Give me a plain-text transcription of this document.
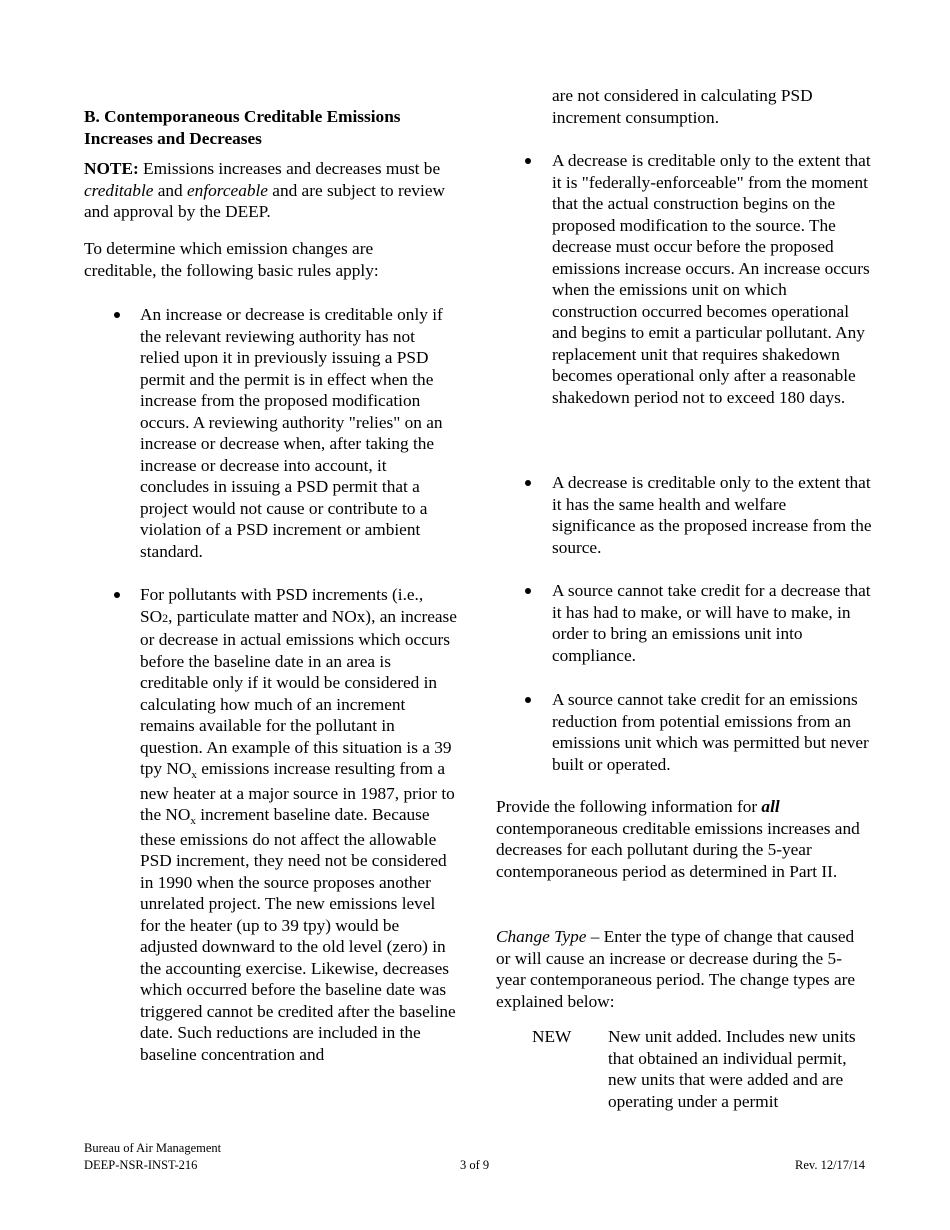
B. Contemporaneous Creditable Emissions
Increases and Decreases

NOTE: Emissions increases and decreases must be creditable and enforceable and are subject to review and approval by the DEEP.

To determine which emission changes are creditable, the following basic rules apply:

An increase or decrease is creditable only if the relevant reviewing authority has not relied upon it in previously issuing a PSD permit and the permit is in effect when the increase from the proposed modification occurs. A reviewing authority "relies" on an increase or decrease when, after taking the increase or decrease into account, it concludes in issuing a PSD permit that a project would not cause or contribute to a violation of a PSD increment or ambient standard.
For pollutants with PSD increments (i.e., SO2, particulate matter and NOx), an increase or decrease in actual emissions which occurs before the baseline date in an area is creditable only if it would be considered in calculating how much of an increment remains available for the pollutant in question. An example of this situation is a 39 tpy $NO_x$ emissions increase resulting from a new heater at a major source in 1987, prior to the $NO_x$ increment baseline date. Because these emissions do not affect the allowable PSD increment, they need not be considered in 1990 when the source proposes another unrelated project. The new emissions level for the heater (up to 39 tpy) would be adjusted downward to the old level (zero) in the accounting exercise. Likewise, decreases which occurred before the baseline date was triggered cannot be credited after the baseline date. Such reductions are included in the baseline concentration and

are not considered in calculating PSD increment consumption.

A decrease is creditable only to the extent that it is "federally-enforceable" from the moment that the actual construction begins on the proposed modification to the source. The decrease must occur before the proposed emissions increase occurs. An increase occurs when the emissions unit on which construction occurred becomes operational and begins to emit a particular pollutant. Any replacement unit that requires shakedown becomes operational only after a reasonable shakedown period not to exceed 180 days.
A decrease is creditable only to the extent that it has the same health and welfare significance as the proposed increase from the source.
A source cannot take credit for a decrease that it has had to make, or will have to make, in order to bring an emissions unit into compliance.
A source cannot take credit for an emissions reduction from potential emissions from an emissions unit which was permitted but never built or operated.

Provide the following information for all contemporaneous creditable emissions increases and decreases for each pollutant during the 5-year contemporaneous period as determined in Part II.

Change Type – Enter the type of change that caused or will cause an increase or decrease during the 5-year contemporaneous period. The change types are explained below:

NEW New unit added. Includes new units that obtained an individual permit, new units that were added and are operating under a permit
Bureau of Air Management
DEEP-NSR-INST-216	3 of 9	Rev. 12/17/14
